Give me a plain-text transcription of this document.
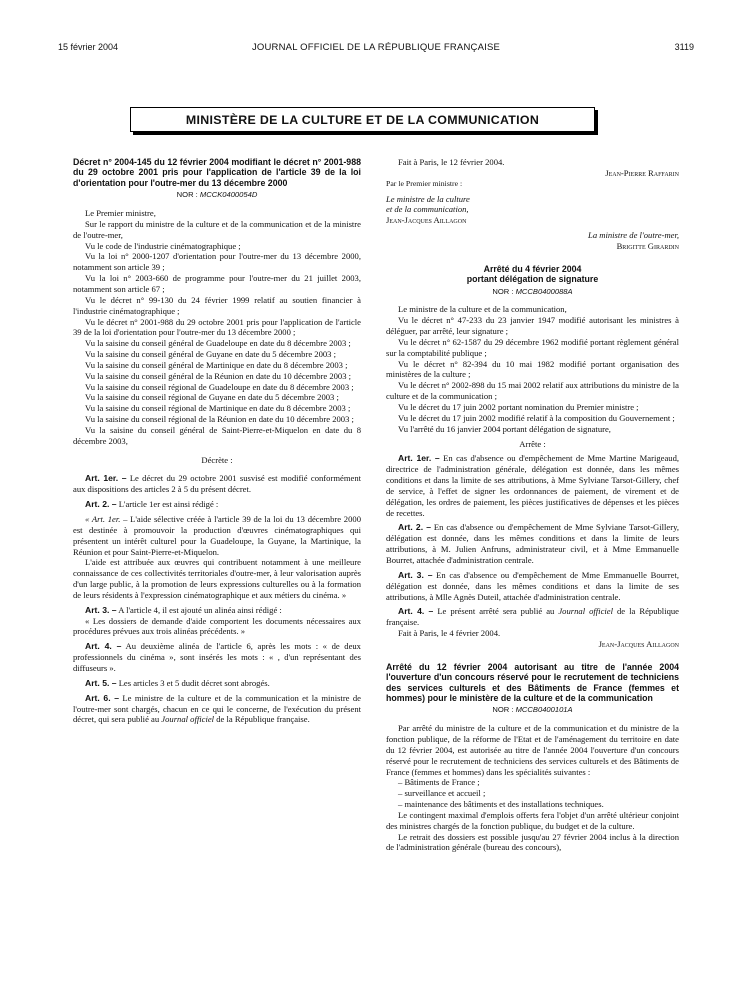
15 février 2004	JOURNAL OFFICIEL DE LA RÉPUBLIQUE FRANÇAISE	3119
MINISTÈRE DE LA CULTURE ET DE LA COMMUNICATION

Décret n° 2004-145 du 12 février 2004 modifiant le décret n° 2001-988 du 29 octobre 2001 pris pour l'application de l'article 39 de la loi d'orientation pour l'outre-mer du 13 décembre 2000

NOR : MCCK0400054D

Le Premier ministre,

Sur le rapport du ministre de la culture et de la communication et de la ministre de l'outre-mer,

Vu le code de l'industrie cinématographique ;

Vu la loi n° 2000-1207 d'orientation pour l'outre-mer du 13 décembre 2000, notamment son article 39 ;

Vu la loi n° 2003-660 de programme pour l'outre-mer du 21 juillet 2003, notamment son article 67 ;

Vu le décret n° 99-130 du 24 février 1999 relatif au soutien financier à l'industrie cinématographique ;

Vu le décret n° 2001-988 du 29 octobre 2001 pris pour l'application de l'article 39 de la loi d'orientation pour l'outre-mer du 13 décembre 2000 ;

Vu la saisine du conseil général de Guadeloupe en date du 8 décembre 2003 ;

Vu la saisine du conseil général de Guyane en date du 5 décembre 2003 ;

Vu la saisine du conseil général de Martinique en date du 8 décembre 2003 ;

Vu la saisine du conseil général de la Réunion en date du 10 décembre 2003 ;

Vu la saisine du conseil régional de Guadeloupe en date du 8 décembre 2003 ;

Vu la saisine du conseil régional de Guyane en date du 5 décembre 2003 ;

Vu la saisine du conseil régional de Martinique en date du 8 décembre 2003 ;

Vu la saisine du conseil régional de la Réunion en date du 10 décembre 2003 ;

Vu la saisine du conseil général de Saint-Pierre-et-Miquelon en date du 8 décembre 2003,

Décrète :

Art. 1er. – Le décret du 29 octobre 2001 susvisé est modifié conformément aux dispositions des articles 2 à 5 du présent décret.

Art. 2. – L'article 1er est ainsi rédigé :

« Art. 1er. – L'aide sélective créée à l'article 39 de la loi du 13 décembre 2000 est destinée à promouvoir la production d'œuvres cinématographiques qui présentent un intérêt culturel pour la Guadeloupe, la Guyane, la Martinique, la Réunion et pour Saint-Pierre-et-Miquelon.

L'aide est attribuée aux œuvres qui contribuent notamment à une meilleure connaissance de ces collectivités territoriales d'outre-mer, à leur valorisation auprès d'un large public, à la promotion de leurs expressions culturelles ou à la formation de leurs résidents à l'expression cinématographique et aux métiers du cinéma. »

Art. 3. – A l'article 4, il est ajouté un alinéa ainsi rédigé :

« Les dossiers de demande d'aide comportent les documents nécessaires aux procédures prévues aux trois alinéas précédents. »

Art. 4. – Au deuxième alinéa de l'article 6, après les mots : « de deux professionnels du cinéma », sont insérés les mots : « , d'un représentant des diffuseurs ».

Art. 5. – Les articles 3 et 5 dudit décret sont abrogés.

Art. 6. – Le ministre de la culture et de la communication et la ministre de l'outre-mer sont chargés, chacun en ce qui le concerne, de l'exécution du présent décret, qui sera publié au Journal officiel de la République française.

Fait à Paris, le 12 février 2004.

Jean-Pierre Raffarin

Par le Premier ministre :

Le ministre de la culture

et de la communication,

Jean-Jacques Aillagon

La ministre de l'outre-mer,

Brigitte Girardin

Arrêté du 4 février 2004

portant délégation de signature

NOR : MCCB0400088A

Le ministre de la culture et de la communication,

Vu le décret n° 47-233 du 23 janvier 1947 modifié autorisant les ministres à déléguer, par arrêté, leur signature ;

Vu le décret n° 62-1587 du 29 décembre 1962 modifié portant règlement général sur la comptabilité publique ;

Vu le décret n° 82-394 du 10 mai 1982 modifié portant organisation des ministères de la culture ;

Vu le décret n° 2002-898 du 15 mai 2002 relatif aux attributions du ministre de la culture et de la communication ;

Vu le décret du 17 juin 2002 portant nomination du Premier ministre ;

Vu le décret du 17 juin 2002 modifié relatif à la composition du Gouvernement ;

Vu l'arrêté du 16 janvier 2004 portant délégation de signature,

Arrête :

Art. 1er. – En cas d'absence ou d'empêchement de Mme Martine Marigeaud, directrice de l'administration générale, délégation est donnée, dans les mêmes conditions et dans la limite de ses attributions, à Mme Sylviane Tarsot-Gillery, chef de service, à l'effet de signer les ordonnances de paiement, de virement et de délégation, les ordres de paiement, les pièces justificatives de dépenses et les pièces de recettes.

Art. 2. – En cas d'absence ou d'empêchement de Mme Sylviane Tarsot-Gillery, délégation est donnée, dans les mêmes conditions et dans la limite de leurs attributions, à M. Julien Anfruns, administrateur civil, et à Mme Emmanuelle Bourret, attachée d'administration centrale.

Art. 3. – En cas d'absence ou d'empêchement de Mme Emmanuelle Bourret, délégation est donnée, dans les mêmes conditions et dans la limite de ses attributions, à Mlle Agnès Duteil, attachée d'administration centrale.

Art. 4. – Le présent arrêté sera publié au Journal officiel de la République française.

Fait à Paris, le 4 février 2004.

Jean-Jacques Aillagon

Arrêté du 12 février 2004 autorisant au titre de l'année 2004 l'ouverture d'un concours réservé pour le recrutement de techniciens des services culturels et des Bâtiments de France (femmes et hommes) pour le ministère de la culture et de la communication

NOR : MCCB0400101A

Par arrêté du ministre de la culture et de la communication et du ministre de la fonction publique, de la réforme de l'Etat et de l'aménagement du territoire en date du 12 février 2004, est autorisée au titre de l'année 2004 l'ouverture d'un concours réservé pour le recrutement de techniciens des services culturels et des Bâtiments de France (femmes et hommes) dans les spécialités suivantes :

– Bâtiments de France ;

– surveillance et accueil ;

– maintenance des bâtiments et des installations techniques.

Le contingent maximal d'emplois offerts fera l'objet d'un arrêté ultérieur conjoint des ministres chargés de la fonction publique, du budget et de la culture.

Le retrait des dossiers est possible jusqu'au 27 février 2004 inclus à la direction de l'administration générale (bureau des concours),
